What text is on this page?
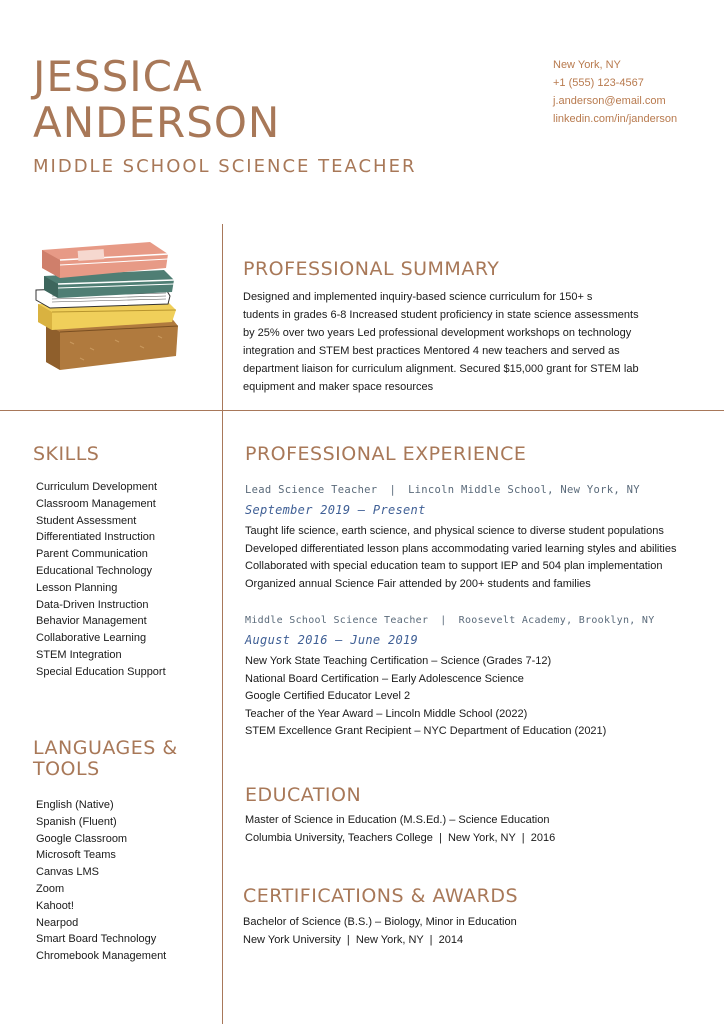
JESSICA
ANDERSON
MIDDLE SCHOOL SCIENCE TEACHER
New York, NY
+1 (555) 123-4567
j.anderson@email.com
linkedin.com/in/janderson
PROFESSIONAL SUMMARY
Designed and implemented inquiry-based science curriculum for 150+ s
tudents in grades 6-8 Increased student proficiency in state science assessments
by 25% over two years Led professional development workshops on technology
integration and STEM best practices Mentored 4 new teachers and served as
department liaison for curriculum alignment. Secured $15,000 grant for STEM lab
equipment and maker space resources
SKILLS
Curriculum Development
Classroom Management
Student Assessment
Differentiated Instruction
Parent Communication
Educational Technology
Lesson Planning
Data-Driven Instruction
Behavior Management
Collaborative Learning
STEM Integration
Special Education Support
LANGUAGES &
TOOLS
English (Native)
Spanish (Fluent)
Google Classroom
Microsoft Teams
Canvas LMS
Zoom
Kahoot!
Nearpod
Smart Board Technology
Chromebook Management
PROFESSIONAL EXPERIENCE
Lead Science Teacher | Lincoln Middle School, New York, NY
September 2019 – Present
Taught life science, earth science, and physical science to diverse student populations
Developed differentiated lesson plans accommodating varied learning styles and abilities
Collaborated with special education team to support IEP and 504 plan implementation
Organized annual Science Fair attended by 200+ students and families
Middle School Science Teacher | Roosevelt Academy, Brooklyn, NY
August 2016 – June 2019
New York State Teaching Certification – Science (Grades 7-12)
National Board Certification – Early Adolescence Science
Google Certified Educator Level 2
Teacher of the Year Award – Lincoln Middle School (2022)
STEM Excellence Grant Recipient – NYC Department of Education (2021)
EDUCATION
Master of Science in Education (M.S.Ed.) – Science Education
Columbia University, Teachers College  |  New York, NY  |  2016
CERTIFICATIONS & AWARDS
Bachelor of Science (B.S.) – Biology, Minor in Education
New York University  |  New York, NY  |  2014
